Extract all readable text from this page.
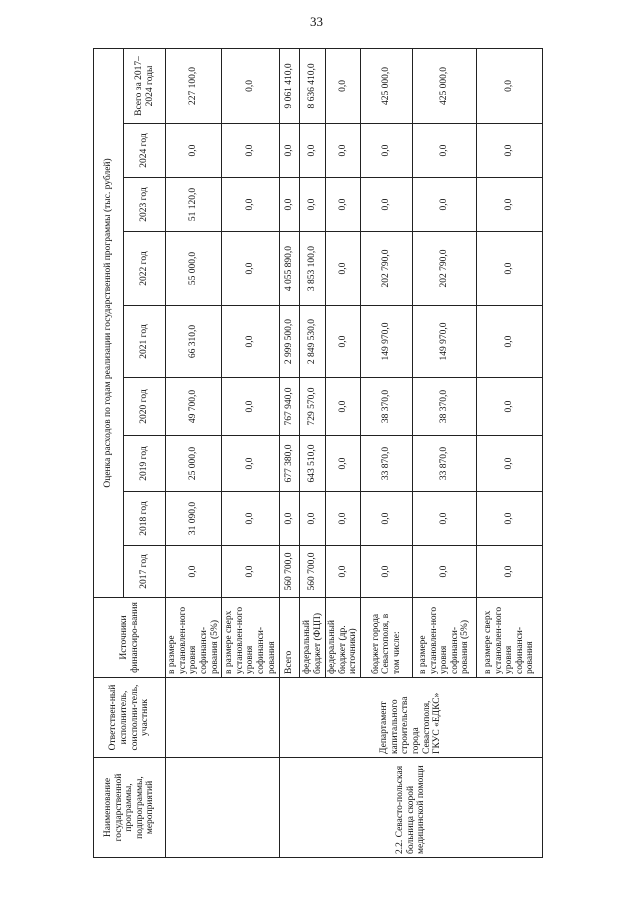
33
Наименование государственной программы, подпрограммы, мероприятий	Ответствен-ный исполнитель, соисполни-тель, участник	Источники финансиро-вания	Оценка расходов по годам реализации государственной программы (тыс. рублей)								
			2017 год	2018 год	2019 год	2020 год	2021 год	2022 год	2023 год	2024 год	Всего за 2017–2024 годы
		в размере установлен-ного уровня софинанси-рования (5%)	0,0	31 090,0	25 000,0	49 700,0	66 310,0	55 000,0	51 120,0	0,0	227 100,0
		в размере сверх установлен-ного уровня софинанси-рования	0,0	0,0	0,0	0,0	0,0	0,0	0,0	0,0	0,0
2.2. Севасто-польская больница скорой медицинской помощи	Департамент капитального строительства города Севастополя, ГКУС «ЕДКС»	Всего	560 700,0	0,0	677 380,0	767 940,0	2 999 500,0	4 055 890,0	0,0	0,0	9 061 410,0
		федеральный бюджет (ФЦП)	560 700,0	0,0	643 510,0	729 570,0	2 849 530,0	3 853 100,0	0,0	0,0	8 636 410,0
		федеральный бюджет (др. источники)	0,0	0,0	0,0	0,0	0,0	0,0	0,0	0,0	0,0
		бюджет города Севастополя, в том числе:	0,0	0,0	33 870,0	38 370,0	149 970,0	202 790,0	0,0	0,0	425 000,0
		в размере установлен-ного уровня софинанси-рования (5%)	0,0	0,0	33 870,0	38 370,0	149 970,0	202 790,0	0,0	0,0	425 000,0
		в размере сверх установлен-ного уровня софинанси-рования	0,0	0,0	0,0	0,0	0,0	0,0	0,0	0,0	0,0
